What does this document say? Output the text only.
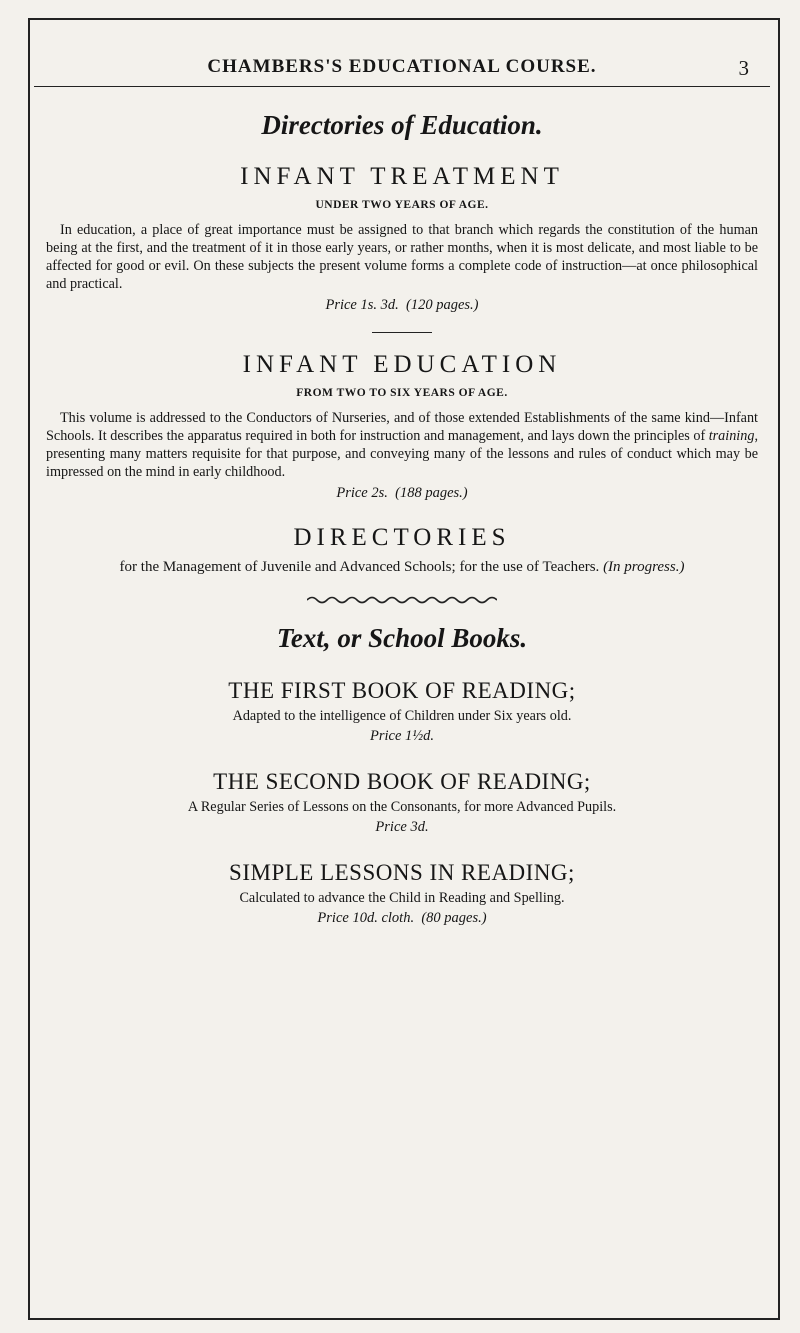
CHAMBERS'S EDUCATIONAL COURSE.	3

Directories of Education.

INFANT TREATMENT

UNDER TWO YEARS OF AGE.

In education, a place of great importance must be assigned to that branch which regards the constitution of the human being at the first, and the treatment of it in those early years, or rather months, when it is most delicate, and most liable to be affected for good or evil. On these subjects the present volume forms a complete code of instruction—at once philosophical and practical.

Price 1s. 3d. (120 pages.)

INFANT EDUCATION

FROM TWO TO SIX YEARS OF AGE.

This volume is addressed to the Conductors of Nurseries, and of those extended Establishments of the same kind—Infant Schools. It describes the apparatus required in both for instruction and management, and lays down the principles of training, presenting many matters requisite for that purpose, and conveying many of the lessons and rules of conduct which may be impressed on the mind in early childhood.

Price 2s. (188 pages.)

DIRECTORIES

for the Management of Juvenile and Advanced Schools; for the use of Teachers. (In progress.)

Text, or School Books.

THE FIRST BOOK OF READING;

Adapted to the intelligence of Children under Six years old.

Price 1½d.

THE SECOND BOOK OF READING;

A Regular Series of Lessons on the Consonants, for more Advanced Pupils.

Price 3d.

SIMPLE LESSONS IN READING;

Calculated to advance the Child in Reading and Spelling.

Price 10d. cloth. (80 pages.)
